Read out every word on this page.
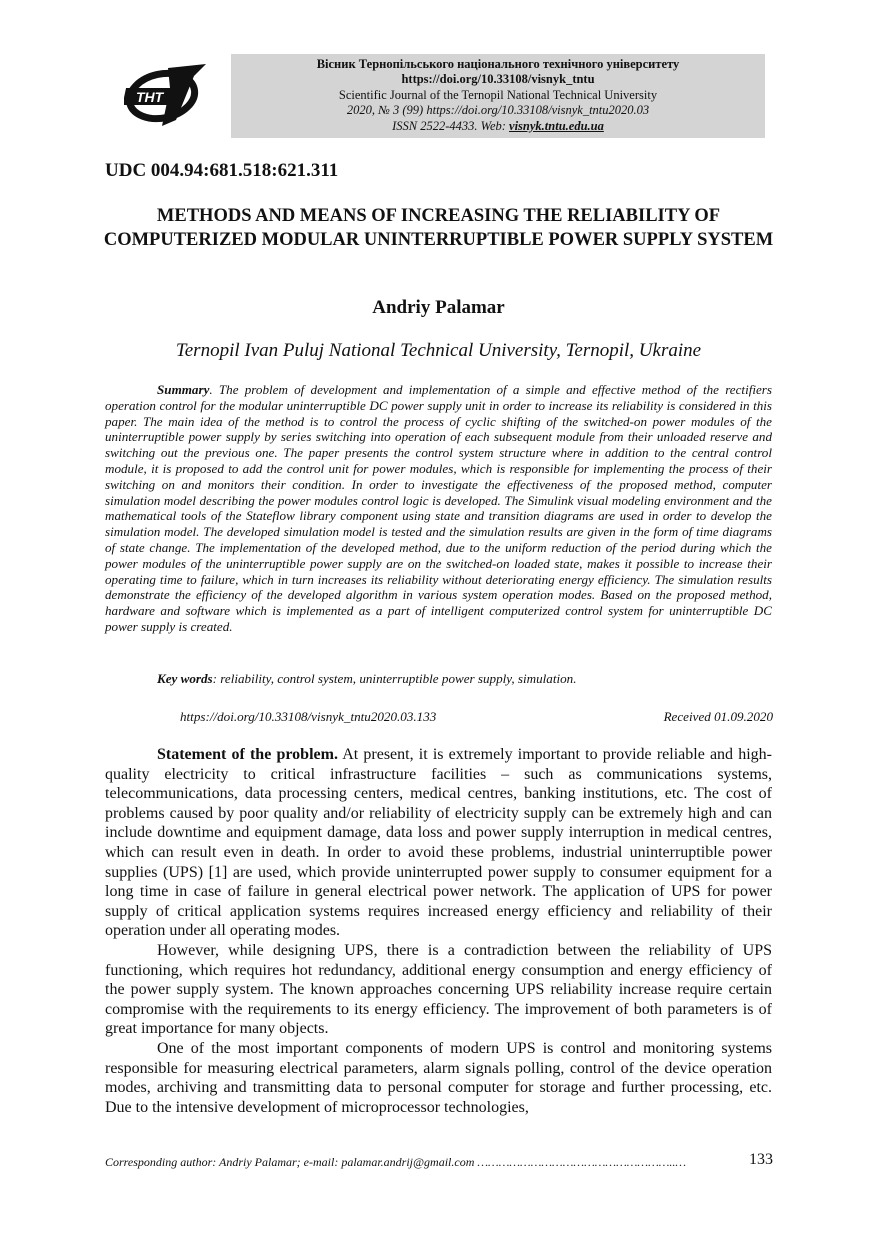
ТНТ
Вісник Тернопільського національного технічного університету
https://doi.org/10.33108/visnyk_tntu
Scientific Journal of the Ternopil National Technical University
2020, № 3 (99) https://doi.org/10.33108/visnyk_tntu2020.03
ISSN 2522-4433. Web: visnyk.tntu.edu.ua
UDC 004.94:681.518:621.311
METHODS AND MEANS OF INCREASING THE RELIABILITY OF COMPUTERIZED MODULAR UNINTERRUPTIBLE POWER SUPPLY SYSTEM
Andriy Palamar
Ternopil Ivan Puluj National Technical University, Ternopil, Ukraine

Summary. The problem of development and implementation of a simple and effective method of the rectifiers operation control for the modular uninterruptible DC power supply unit in order to increase its reliability is considered in this paper. The main idea of the method is to control the process of cyclic shifting of the switched-on power modules of the uninterruptible power supply by series switching into operation of each subsequent module from their unloaded reserve and switching out the previous one. The paper presents the control system structure where in addition to the central control module, it is proposed to add the control unit for power modules, which is responsible for implementing the process of their switching on and monitors their condition. In order to investigate the effectiveness of the proposed method, computer simulation model describing the power modules control logic is developed. The Simulink visual modeling environment and the mathematical tools of the Stateflow library component using state and transition diagrams are used in order to develop the simulation model. The developed simulation model is tested and the simulation results are given in the form of time diagrams of state change. The implementation of the developed method, due to the uniform reduction of the period during which the power modules of the uninterruptible power supply are on the switched-on loaded state, makes it possible to increase their operating time to failure, which in turn increases its reliability without deteriorating energy efficiency. The simulation results demonstrate the efficiency of the developed algorithm in various system operation modes. Based on the proposed method, hardware and software which is implemented as a part of intelligent computerized control system for uninterruptible DC power supply is created.

Key words: reliability, control system, uninterruptible power supply, simulation.
https://doi.org/10.33108/visnyk_tntu2020.03.133	Received 01.09.2020

Statement of the problem. At present, it is extremely important to provide reliable and high-quality electricity to critical infrastructure facilities – such as communications systems, telecommunications, data processing centers, medical centres, banking institutions, etc. The cost of problems caused by poor quality and/or reliability of electricity supply can be extremely high and can include downtime and equipment damage, data loss and power supply interruption in medical centres, which can result even in death. In order to avoid these problems, industrial uninterruptible power supplies (UPS) [1] are used, which provide uninterrupted power supply to consumer equipment for a long time in case of failure in general electrical power network. The application of UPS for power supply of critical application systems requires increased energy efficiency and reliability of their operation under all operating modes.

However, while designing UPS, there is a contradiction between the reliability of UPS functioning, which requires hot redundancy, additional energy consumption and energy efficiency of the power supply system. The known approaches concerning UPS reliability increase require certain compromise with the requirements to its energy efficiency. The improvement of both parameters is of great importance for many objects.

One of the most important components of modern UPS is control and monitoring systems responsible for measuring electrical parameters, alarm signals polling, control of the device operation modes, archiving and transmitting data to personal computer for storage and further processing, etc. Due to the intensive development of microprocessor technologies,

Corresponding author: Andriy Palamar; e-mail: palamar.andrij@gmail.com ………………………………………………..…	133
